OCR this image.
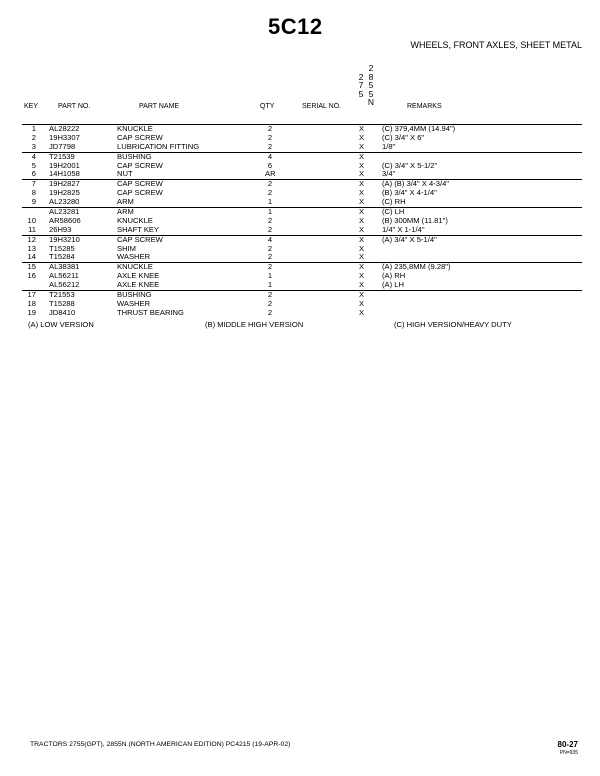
5C12
WHEELS, FRONT AXLES, SHEET METAL
KEY	PART NO.	PART NAME	QTY	SERIAL NO.	REMARKS
2
7
5
2
8
5
5
N
1 AL28222	KNUCKLE	2	X (C) 379,4MM (14.94")
2 19H3307	CAP SCREW	2	X (C) 3/4" X 6"
3 JD7798	LUBRICATION FITTING	2	X 1/8"
4 T21539	BUSHING	4	X
5 19H2001	CAP SCREW	6	X (C) 3/4" X 5-1/2"
6 14H1058	NUT	AR	X 3/4"
7 19H2827	CAP SCREW	2	X (A) (B) 3/4" X 4-3/4"
8 19H2825	CAP SCREW	2	X (B) 3/4" X 4-1/4"
9 AL23280	ARM	1	X (C) RH
AL23281	ARM	1	X (C) LH
10 AR58606	KNUCKLE	2	X (B) 300MM (11.81")
11 26H93	SHAFT KEY	2	X 1/4" X 1-1/4"
12 19H3210	CAP SCREW	4	X (A) 3/4" X 5-1/4"
13 T15285	SHIM	2	X
14 T15284	WASHER	2	X
15 AL38381	KNUCKLE	2	X (A) 235,8MM (9.28")
16 AL56211	AXLE KNEE	1	X (A) RH
AL56212	AXLE KNEE	1	X (A) LH
17 T21553	BUSHING	2	X
18 T15288	WASHER	2	X
19 JD8410	THRUST BEARING	2	X
(A) LOW VERSION	(B) MIDDLE HIGH VERSION	(C) HIGH VERSION/HEAVY DUTY
TRACTORS 2755(GPT), 2855N (NORTH AMERICAN EDITION) PC4215 (19-APR-02)	80-27
PN=935
